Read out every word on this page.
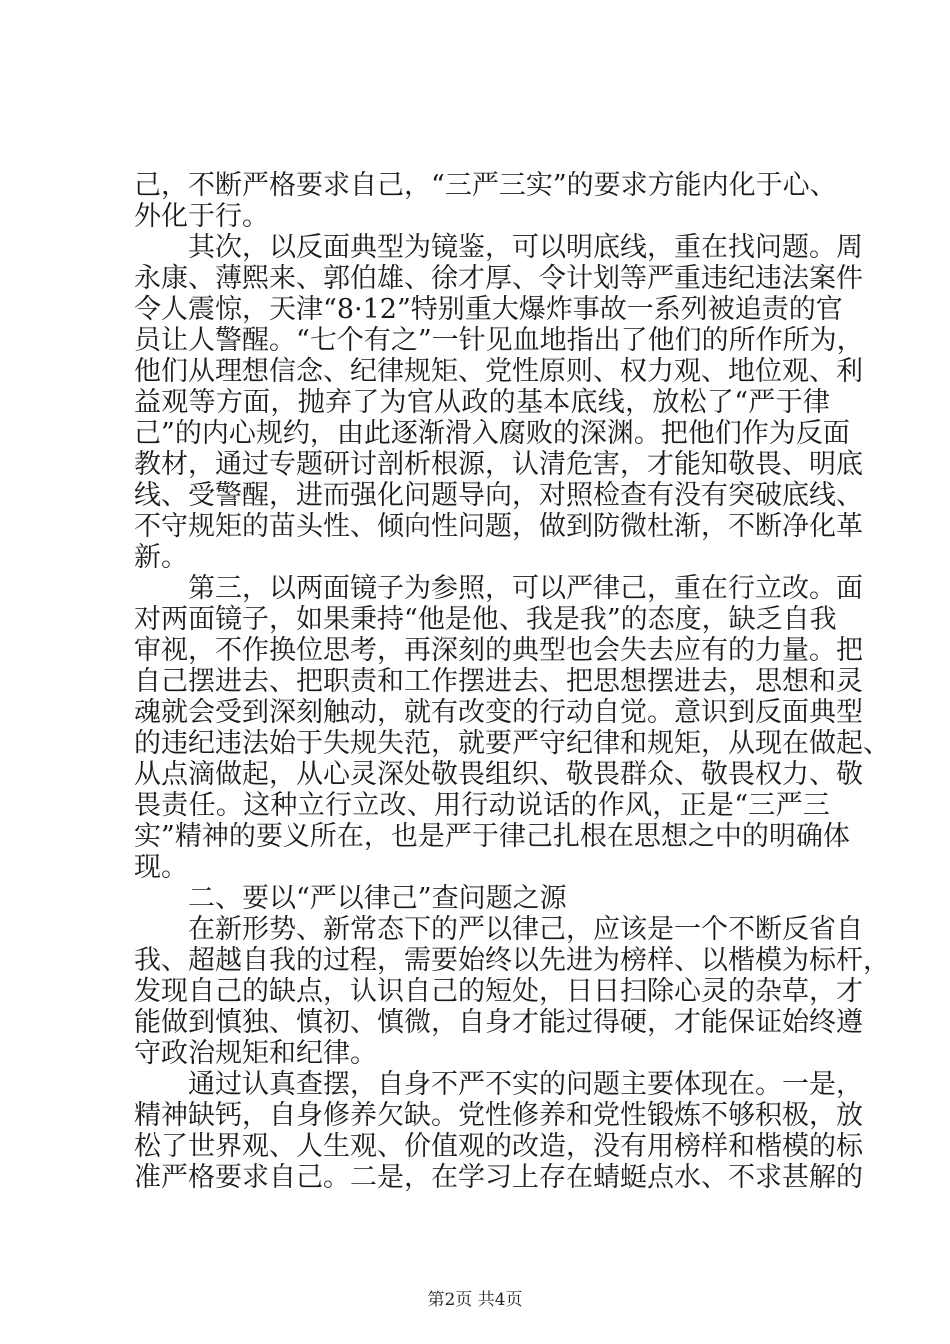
己 ， 不 断 严 格 要 求 自 己 ， “ 三 严 三 实 ” 的 要 求 方 能 内 化 于 心 、
外化于行。
其 次 ， 以 反 面 典 型 为 镜 鉴 ， 可 以 明 底 线 ， 重 在 找 问 题 。 周
永 康 、 薄 熙 来 、 郭 伯 雄 、 徐 才 厚 、 令 计 划 等 严 重 违 纪 违 法 案 件
令 人 震 惊 ， 天 津 “ 8 · 1 2 ” 特 别 重 大 爆 炸 事 故 一 系 列 被 追 责 的 官
员 让 人 警 醒 。 “ 七 个 有 之 ” 一 针 见 血 地 指 出 了 他 们 的 所 作 所 为 ，
他 们 从 理 想 信 念 、 纪 律 规 矩 、 党 性 原 则 、 权 力 观 、 地 位 观 、 利
益 观 等 方 面 ， 抛 弃 了 为 官 从 政 的 基 本 底 线 ， 放 松 了 “ 严 于 律
己 ” 的 内 心 规 约 ， 由 此 逐 渐 滑 入 腐 败 的 深 渊 。 把 他 们 作 为 反 面
教 材 ， 通 过 专 题 研 讨 剖 析 根 源 ， 认 清 危 害 ， 才 能 知 敬 畏 、 明 底
线 、 受 警 醒 ， 进 而 强 化 问 题 导 向 ， 对 照 检 查 有 没 有 突 破 底 线 、
不 守 规 矩 的 苗 头 性 、 倾 向 性 问 题 ， 做 到 防 微 杜 渐 ， 不 断 净 化 革
新。
第 三 ， 以 两 面 镜 子 为 参 照 ， 可 以 严 律 己 ， 重 在 行 立 改 。 面
对 两 面 镜 子 ， 如 果 秉 持 “ 他 是 他 、 我 是 我 ” 的 态 度 ， 缺 乏 自 我
审 视 ， 不 作 换 位 思 考 ， 再 深 刻 的 典 型 也 会 失 去 应 有 的 力 量 。 把
自 己 摆 进 去 、 把 职 责 和 工 作 摆 进 去 、 把 思 想 摆 进 去 ， 思 想 和 灵
魂 就 会 受 到 深 刻 触 动 ， 就 有 改 变 的 行 动 自 觉 。 意 识 到 反 面 典 型
的 违 纪 违 法 始 于 失 规 失 范 ， 就 要 严 守 纪 律 和 规 矩 ， 从 现 在 做 起 、
从 点 滴 做 起 ， 从 心 灵 深 处 敬 畏 组 织 、 敬 畏 群 众 、 敬 畏 权 力 、 敬
畏 责 任 。 这 种 立 行 立 改 、 用 行 动 说 话 的 作 风 ， 正 是 “ 三 严 三
实 ” 精 神 的 要 义 所 在 ， 也 是 严 于 律 己 扎 根 在 思 想 之 中 的 明 确 体
现。
二、要以“严以律己”查问题之源
在 新 形 势 、 新 常 态 下 的 严 以 律 己 ， 应 该 是 一 个 不 断 反 省 自
我 、 超 越 自 我 的 过 程 ， 需 要 始 终 以 先 进 为 榜 样 、 以 楷 模 为 标 杆 ，
发 现 自 己 的 缺 点 ， 认 识 自 己 的 短 处 ， 日 日 扫 除 心 灵 的 杂 草 ， 才
能 做 到 慎 独 、 慎 初 、 慎 微 ， 自 身 才 能 过 得 硬 ， 才 能 保 证 始 终 遵
守政治规矩和纪律。
通 过 认 真 查 摆 ， 自 身 不 严 不 实 的 问 题 主 要 体 现 在 。 一 是 ，
精 神 缺 钙 ， 自 身 修 养 欠 缺 。 党 性 修 养 和 党 性 锻 炼 不 够 积 极 ， 放
松 了 世 界 观 、 人 生 观 、 价 值 观 的 改 造 ， 没 有 用 榜 样 和 楷 模 的 标
准 严 格 要 求 自 己 。 二 是 ， 在 学 习 上 存 在 蜻 蜓 点 水 、 不 求 甚 解 的
第2页 共4页
